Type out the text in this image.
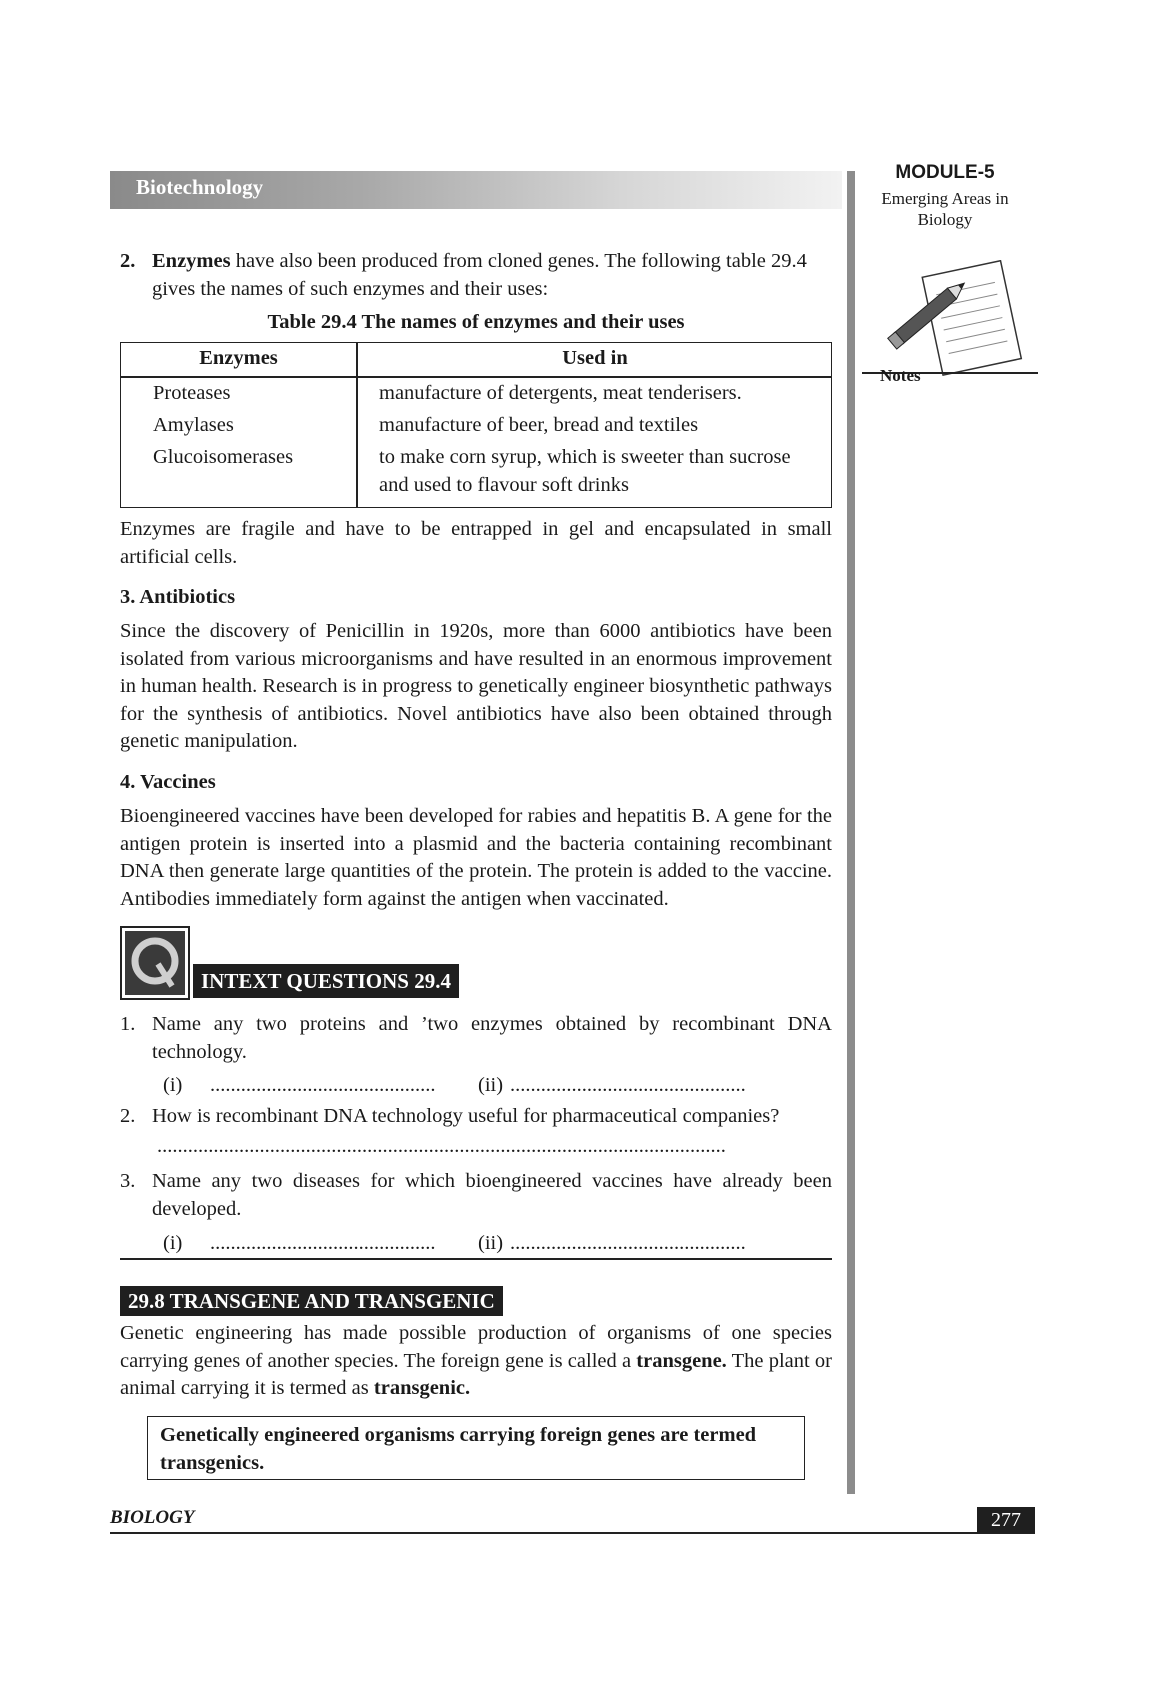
Biotechnology
MODULE-5
Emerging Areas in
Biology
Notes
2. Enzymes have also been produced from cloned genes. The following table 29.4
gives the names of such enzymes and their uses:
Table 29.4 The names of enzymes and their uses
Enzymes	Used in
Proteases	manufacture of detergents, meat tenderisers.
Amylases	manufacture of beer, bread and textiles
Glucoisomerases	to make corn syrup, which is sweeter than sucrose
and used to flavour soft drinks
Enzymes are fragile and have to be entrapped in gel and encapsulated in small artificial cells.
3. Antibiotics
Since the discovery of Penicillin in 1920s, more than 6000 antibiotics have been isolated from various microorganisms and have resulted in an enormous improvement in human health. Research is in progress to genetically engineer biosynthetic pathways for the synthesis of antibiotics. Novel antibiotics have also been obtained through genetic manipulation.
4. Vaccines
Bioengineered vaccines have been developed for rabies and hepatitis B. A gene for the antigen protein is inserted into a plasmid and the bacteria containing recombinant DNA then generate large quantities of the protein. The protein is added to the vaccine. Antibodies immediately form against the antigen when vaccinated.
INTEXT QUESTIONS 29.4
1. Name any two proteins and ’two enzymes obtained by recombinant DNA technology.
(i) ............................................ (ii) ..............................................
2. How is recombinant DNA technology useful for pharmaceutical companies?
...............................................................................................................
3. Name any two diseases for which bioengineered vaccines have already been developed.
(i) ............................................ (ii) ..............................................
29.8 TRANSGENE AND TRANSGENIC
Genetic engineering has made possible production of organisms of one species carrying genes of another species. The foreign gene is called a transgene. The plant or animal carrying it is termed as transgenic.
Genetically engineered organisms carrying foreign genes are termed transgenics.
BIOLOGY	277
